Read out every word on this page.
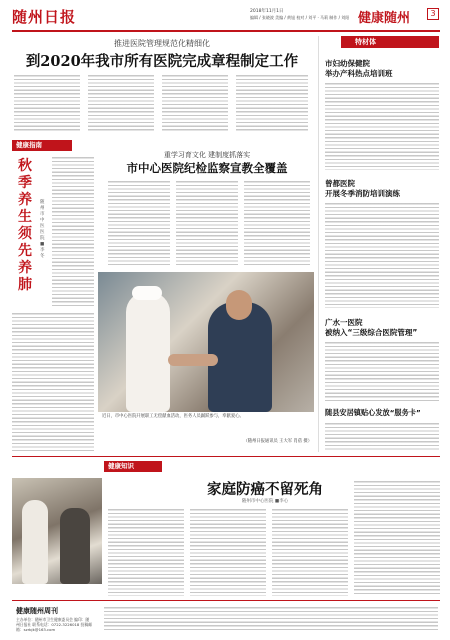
随州日报	2018年11月1日
编辑 / 张晓波 美编 / 黄旭 校对 / 刘平 · 马莉 制作 / 刘阳 健康随州	3
推进医院管理规范化精细化
到2020年我市所有医院完成章程制定工作
特材体
市妇幼保健院
举办产科热点培训班
曾都医院
开展冬季消防培训演练
广水一医院
被纳入“三级综合医院管理”
随县安居镇贴心发放“服务卡”
健康指南
秋季养生须先养肺
随州市中医医院 ■李冬
重学习育文化 建制度抓落实
市中心医院纪检监察宣教全覆盖
近日，市中心医院开展职工无偿献血活动，医务人员踊跃参与，奉献爱心。
（随州日报通讯员 王大军 肖蓓 摄）
健康知识
家庭防癌不留死角
随州市中心医院 ■李心
健康随州周刊
主办单位：随州市卫生健康委员会 编印：随州日报社 联系电话：0722-3226018 投稿邮箱：szrbjk@163.com
